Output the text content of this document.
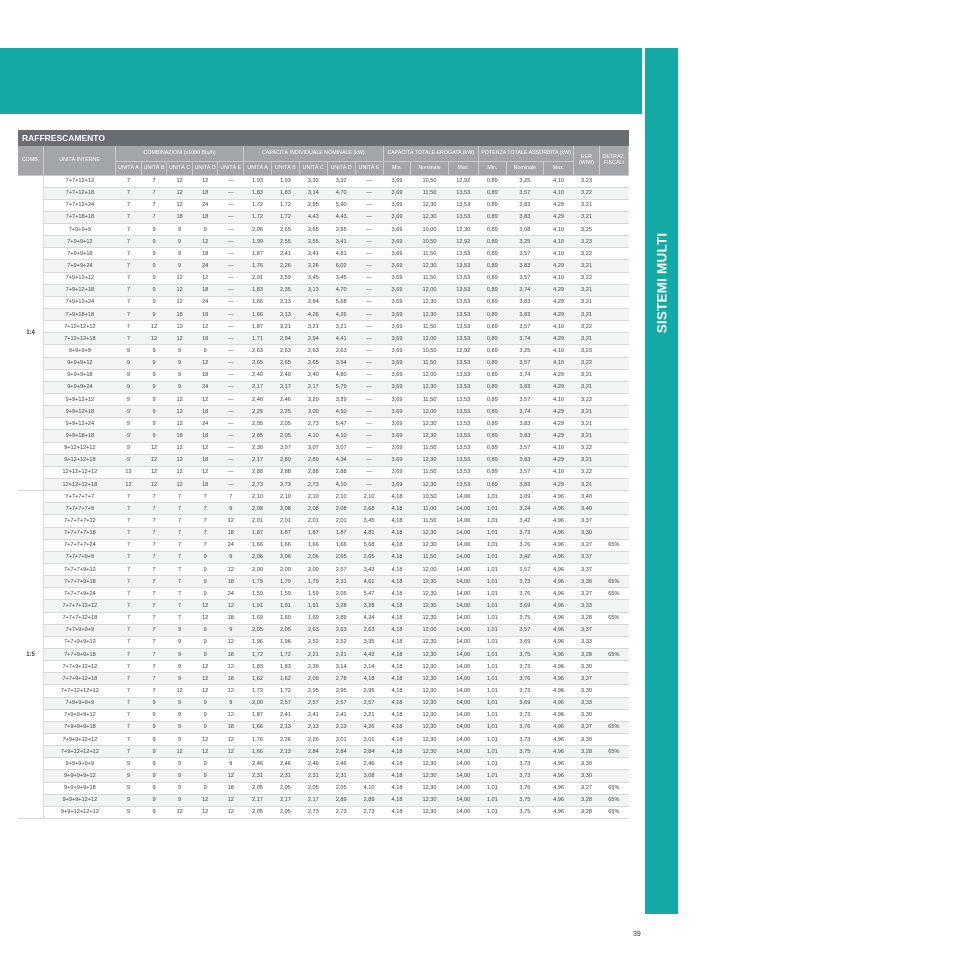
HOME SOLUTIONS _
SISTEMI MULTI
RAFFRESCAMENTO
COMB.	UNITÀ INTERNE	COMBINAZIONI (x1000 Btu/h)					CAPACITÀ INDIVIDUALE NOMINALE (kW)					CAPACITÀ TOTALE EROGATA (kW)			POTENZA TOTALE ASSORBITA (kW)			EER (W/W)	DETRAZ. FISCALI
		UNITÀ A	UNITÀ B	UNITÀ C	UNITÀ D	UNITÀ E	UNITÀ A	UNITÀ B	UNITÀ C	UNITÀ D	UNITÀ E	Min.	Nominale	Max.	Min.	Nominale	Max.		
1:4	7+7+12+12	7	7	12	12	—	1,93	1,93	3,32	3,32	—	3,69	10,50	12,92	0,89	3,25	4,10	3,23	
	7+7+12+18	7	7	12	18	—	1,83	1,83	3,14	4,70	—	3,69	11,50	13,53	0,89	3,57	4,10	3,22	
	7+7+12+24	7	7	12	24	—	1,72	1,72	2,95	5,90	—	3,69	12,30	13,53	0,89	3,83	4,29	3,21	
	7+7+18+18	7	7	18	18	—	1,72	1,72	4,43	4,43	—	3,69	12,30	13,53	0,89	3,83	4,29	3,21	
	7+9+9+9	7	9	9	9	—	2,06	2,65	2,65	2,65	—	3,69	10,00	12,30	0,89	3,08	4,10	3,25	
	7+9+9+12	7	9	9	12	—	1,99	2,55	2,55	3,41	—	3,69	10,50	12,92	0,89	3,25	4,10	3,23	
	7+9+9+18	7	9	9	18	—	1,87	2,41	2,41	4,81	—	3,69	11,50	13,53	0,89	3,57	4,10	3,22	
	7+9+9+24	7	9	9	24	—	1,76	2,26	2,26	6,02	—	3,69	12,30	13,53	0,89	3,83	4,29	3,21	
	7+9+12+12	7	9	12	12	—	2,01	2,59	3,45	3,45	—	3,69	11,50	13,53	0,89	3,57	4,10	3,22	
	7+9+12+18	7	9	12	18	—	1,83	2,35	3,13	4,70	—	3,69	12,00	13,53	0,89	3,74	4,29	3,21	
	7+9+12+24	7	9	12	24	—	1,66	2,13	2,84	5,68	—	3,69	12,30	13,53	0,89	3,83	4,29	3,21	
	7+9+18+18	7	9	18	18	—	1,66	2,13	4,26	4,26	—	3,69	12,30	13,53	0,89	3,83	4,29	3,21	
	7+12+12+12	7	12	12	12	—	1,87	3,21	3,21	3,21	—	3,69	11,50	13,53	0,89	3,57	4,10	3,22	
	7+12+12+18	7	12	12	18	—	1,71	2,94	2,94	4,41	—	3,69	12,00	13,53	0,89	3,74	4,29	3,21	
	9+9+9+9	9	9	9	9	—	2,63	2,63	2,63	2,63	—	3,69	10,50	12,92	0,89	3,25	4,10	3,23	
	9+9+9+12	9	9	9	12	—	2,65	2,65	2,65	3,54	—	3,69	11,50	13,53	0,89	3,57	4,10	3,22	
	9+9+9+18	9	9	9	18	—	2,40	2,40	2,40	4,80	—	3,69	12,00	13,53	0,89	3,74	4,29	3,21	
	9+9+9+24	9	9	9	24	—	2,17	2,17	2,17	5,79	—	3,69	12,30	13,53	0,89	3,83	4,29	3,21	
	9+9+12+12	9	9	12	12	—	2,46	2,46	3,29	3,29	—	3,69	11,50	13,53	0,89	3,57	4,10	3,22	
	9+9+12+18	9	9	12	18	—	2,25	2,25	3,00	4,50	—	3,69	12,00	13,53	0,89	3,74	4,29	3,21	
	9+9+12+24	9	9	12	24	—	2,05	2,05	2,73	5,47	—	3,69	12,30	13,53	0,89	3,83	4,29	3,21	
	9+9+18+18	9	9	18	18	—	2,05	2,05	4,10	4,10	—	3,69	12,30	13,53	0,89	3,83	4,29	3,21	
	9+12+12+12	9	12	12	12	—	2,30	3,07	3,07	3,07	—	3,69	11,50	13,53	0,89	3,57	4,10	3,22	
	9+12+12+18	9	12	12	18	—	2,17	2,89	2,89	4,34	—	3,69	12,30	13,53	0,89	3,83	4,29	3,21	
	12+12+12+12	12	12	12	12	—	2,88	2,88	2,88	2,88	—	3,69	11,50	13,53	0,89	3,57	4,10	3,22	
	12+12+12+18	12	12	12	18	—	2,73	2,73	2,73	4,10	—	3,69	12,30	13,53	0,89	3,83	4,29	3,21	
1:5	7+7+7+7+7	7	7	7	7	7	2,10	2,10	2,10	2,10	2,10	4,18	10,50	14,00	1,01	3,09	4,96	3,40	
	7+7+7+7+9	7	7	7	7	9	2,08	2,08	2,08	2,08	2,68	4,18	11,00	14,00	1,01	3,24	4,96	3,40	
	7+7+7+7+12	7	7	7	7	12	2,01	2,01	2,01	2,01	3,45	4,18	11,50	14,00	1,01	3,42	4,96	3,37	
	7+7+7+7+18	7	7	7	7	18	1,87	1,87	1,87	1,87	4,81	4,18	12,30	14,00	1,01	3,73	4,96	3,30	
	7+7+7+7+24	7	7	7	7	24	1,66	1,66	1,66	1,66	5,68	4,18	12,30	14,00	1,01	3,76	4,96	3,27	65%
	7+7+7+9+9	7	7	7	9	9	2,06	2,06	2,06	2,65	2,65	4,18	11,50	14,00	1,01	3,42	4,96	3,37	
	7+7+7+9+12	7	7	7	9	12	2,00	2,00	2,00	2,57	3,43	4,18	12,00	14,00	1,01	3,57	4,96	3,37	
	7+7+7+9+18	7	7	7	9	18	1,79	1,79	1,79	2,31	4,61	4,18	12,30	14,00	1,01	3,73	4,96	3,30	65%
	7+7+7+9+24	7	7	7	9	24	1,59	1,59	1,59	2,05	5,47	4,18	12,30	14,00	1,01	3,76	4,96	3,27	65%
	7+7+7+12+12	7	7	7	12	12	1,91	1,91	1,91	3,28	3,28	4,18	12,30	14,00	1,01	3,69	4,96	3,33	
	7+7+7+12+18	7	7	7	12	18	1,69	1,69	1,69	2,89	4,34	4,18	12,30	14,00	1,01	3,75	4,96	3,28	65%
	7+7+9+9+9	7	7	9	9	9	2,05	2,05	2,63	2,63	2,63	4,18	12,00	14,00	1,01	3,57	4,96	3,37	
	7+7+9+9+12	7	7	9	9	12	1,96	1,96	2,52	2,52	3,35	4,18	12,30	14,00	1,01	3,69	4,96	3,33	
	7+7+9+9+18	7	7	9	9	18	1,72	1,72	2,21	2,21	4,43	4,18	12,30	14,00	1,01	3,75	4,96	3,28	65%
	7+7+9+12+12	7	7	9	12	12	1,83	1,83	2,36	3,14	3,14	4,18	12,30	14,00	1,01	3,73	4,96	3,30	
	7+7+9+12+18	7	7	9	12	18	1,62	1,62	2,09	2,78	4,18	4,18	12,30	14,00	1,01	3,76	4,96	3,27	
	7+7+12+12+12	7	7	12	12	12	1,72	1,72	2,95	2,95	2,95	4,18	12,30	14,00	1,01	3,73	4,96	3,30	
	7+9+9+9+9	7	9	9	9	9	2,00	2,57	2,57	2,57	2,57	4,18	12,30	14,00	1,01	3,69	4,96	3,33	
	7+9+9+9+12	7	9	9	9	12	1,87	2,41	2,41	2,41	3,21	4,18	12,30	14,00	1,01	3,73	4,96	3,30	
	7+9+9+9+18	7	9	9	9	18	1,66	2,13	2,13	2,13	4,26	4,18	12,30	14,00	1,01	3,76	4,96	3,27	65%
	7+9+9+12+12	7	9	9	12	12	1,76	2,26	2,26	3,01	3,01	4,18	12,30	14,00	1,01	3,73	4,96	3,30	
	7+9+12+12+12	7	9	12	12	12	1,66	2,13	2,84	2,84	2,84	4,18	12,30	14,00	1,01	3,75	4,96	3,28	65%
	9+9+9+9+9	9	9	9	9	9	2,46	2,46	2,46	2,46	2,46	4,18	12,30	14,00	1,01	3,73	4,96	3,30	
	9+9+9+9+12	9	9	9	9	12	2,31	2,31	2,31	2,31	3,08	4,18	12,30	14,00	1,01	3,73	4,96	3,30	
	9+9+9+9+18	9	9	9	9	18	2,05	2,05	2,05	2,05	4,10	4,18	12,30	14,00	1,01	3,76	4,96	3,27	65%
	9+9+9+12+12	9	9	9	12	12	2,17	2,17	2,17	2,89	2,89	4,18	12,30	14,00	1,01	3,75	4,96	3,28	65%
	9+9+12+12+12	9	9	12	12	12	2,05	2,05	2,73	2,73	2,73	4,18	12,30	14,00	1,01	3,75	4,96	3,28	65%
39
